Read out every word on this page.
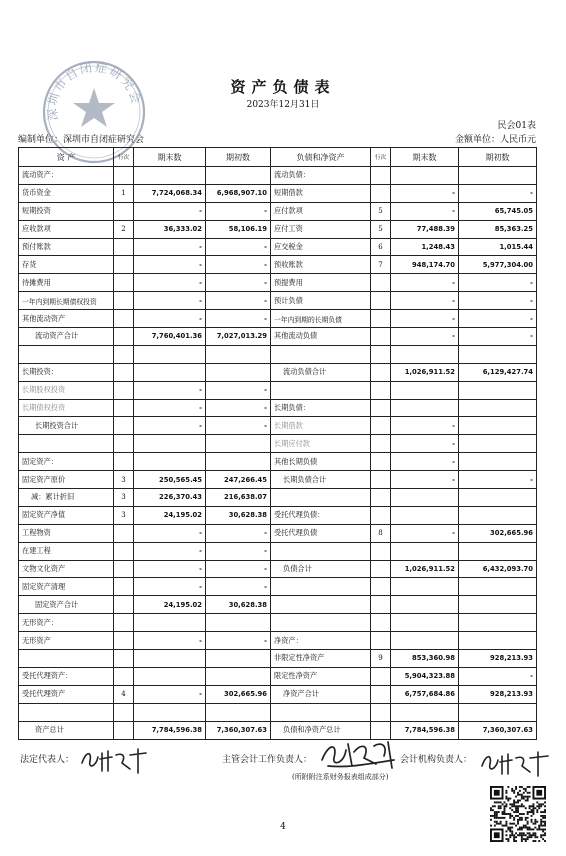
资产负债表
2023年12月31日
民会01表
编制单位：深圳市自闭症研究会	金额单位：人民币元
深圳市自闭症研究会
资 产	行次	期末数	期初数	负债和净资产	行次	期末数	期初数
流动资产：				流动负债：			
货币资金	1	7,724,068.34	6,968,907.10	短期借款		-	-
短期投资		-	-	应付款项	5	-	65,745.05
应收款项	2	36,333.02	58,106.19	应付工资	5	77,488.39	85,363.25
预付账款		-	-	应交税金	6	1,248.43	1,015.44
存货		-	-	预收账款	7	948,174.70	5,977,304.00
待摊费用		-	-	预提费用		-	-
一年内到期长期债权投资		-	-	预计负债		-	-
其他流动资产		-	-	一年内到期的长期负债		-	-
流动资产合计		7,760,401.36	7,027,013.29	其他流动负债		-	-

长期投资：				流动负债合计		1,026,911.52	6,129,427.74
长期股权投资		-	-				
长期债权投资		-	-	长期负债：			
长期投资合计		-	-	长期借款		-	
				长期应付款		-	
固定资产：				其他长期负债		-	
固定资产原价	3	250,565.45	247,266.45	长期负债合计		-	-
减：累计折旧	3	226,370.43	216,638.07				
固定资产净值	3	24,195.02	30,628.38	受托代理负债：			
工程物资		-	-	受托代理负债	8	-	302,665.96
在建工程		-	-				
文物文化资产		-	-	负债合计		1,026,911.52	6,432,093.70
固定资产清理		-	-				
固定资产合计		24,195.02	30,628.38				
无形资产：							
无形资产		-	-	净资产：			
				非限定性净资产	9	853,360.98	928,213.93
受托代理资产：				限定性净资产		5,904,323.88	-
受托代理资产	4	-	302,665.96	净资产合计		6,757,684.86	928,213.93

资产总计		7,784,596.38	7,360,307.63	负债和净资产总计		7,784,596.38	7,360,307.63
法定代表人：	主管会计工作负责人：	会计机构负责人：
(所附附注系财务报表组成部分)
4
